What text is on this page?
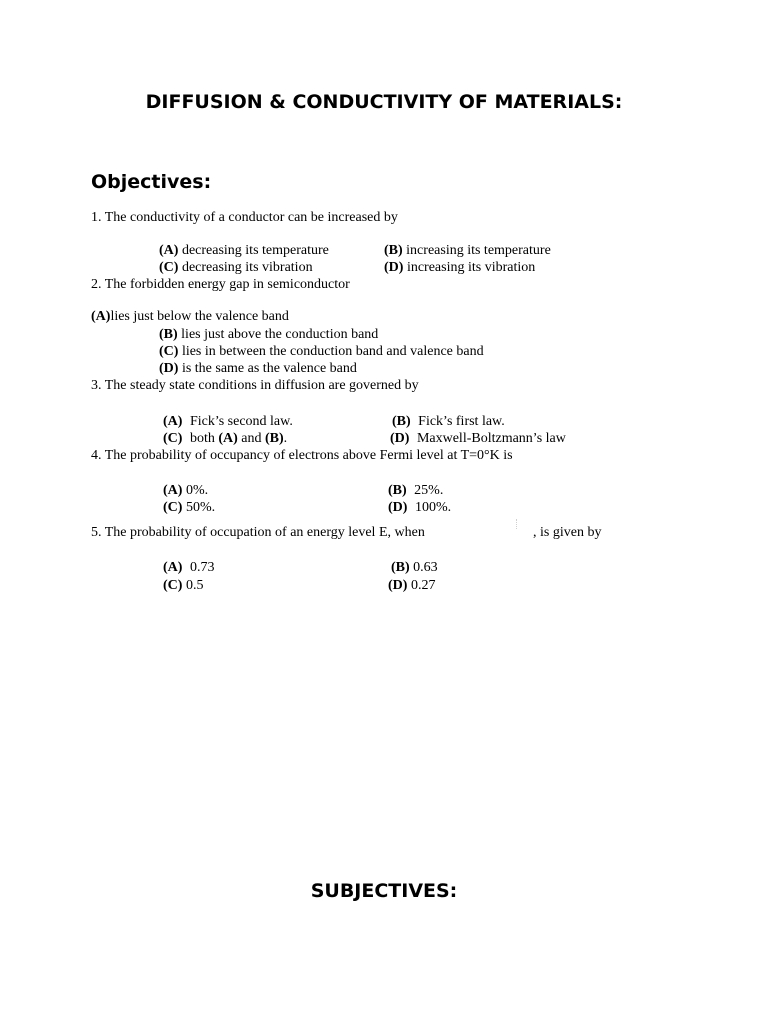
DIFFUSION & CONDUCTIVITY OF MATERIALS:
Objectives:
1. The conductivity of a conductor can be increased by
(A) decreasing its temperature	(B) increasing its temperature
(C) decreasing its vibration	(D) increasing its vibration
2. The forbidden energy gap in semiconductor
(A)lies just below the valence band
(B) lies just above the conduction band
(C) lies in between the conduction band and valence band
(D) is the same as the valence band
3. The steady state conditions in diffusion are governed by
(A) Fick’s second law.	(B) Fick’s first law.
(C) both (A) and (B).	(D) Maxwell-Boltzmann’s law
4. The probability of occupancy of electrons above Fermi level at T=0°K is
(A) 0%.	(B) 25%.
(C) 50%.	(D) 100%.
5. The probability of occupation of an energy level E, when	, is given by
(A) 0.73	(B) 0.63
(C) 0.5	(D) 0.27
SUBJECTIVES:
